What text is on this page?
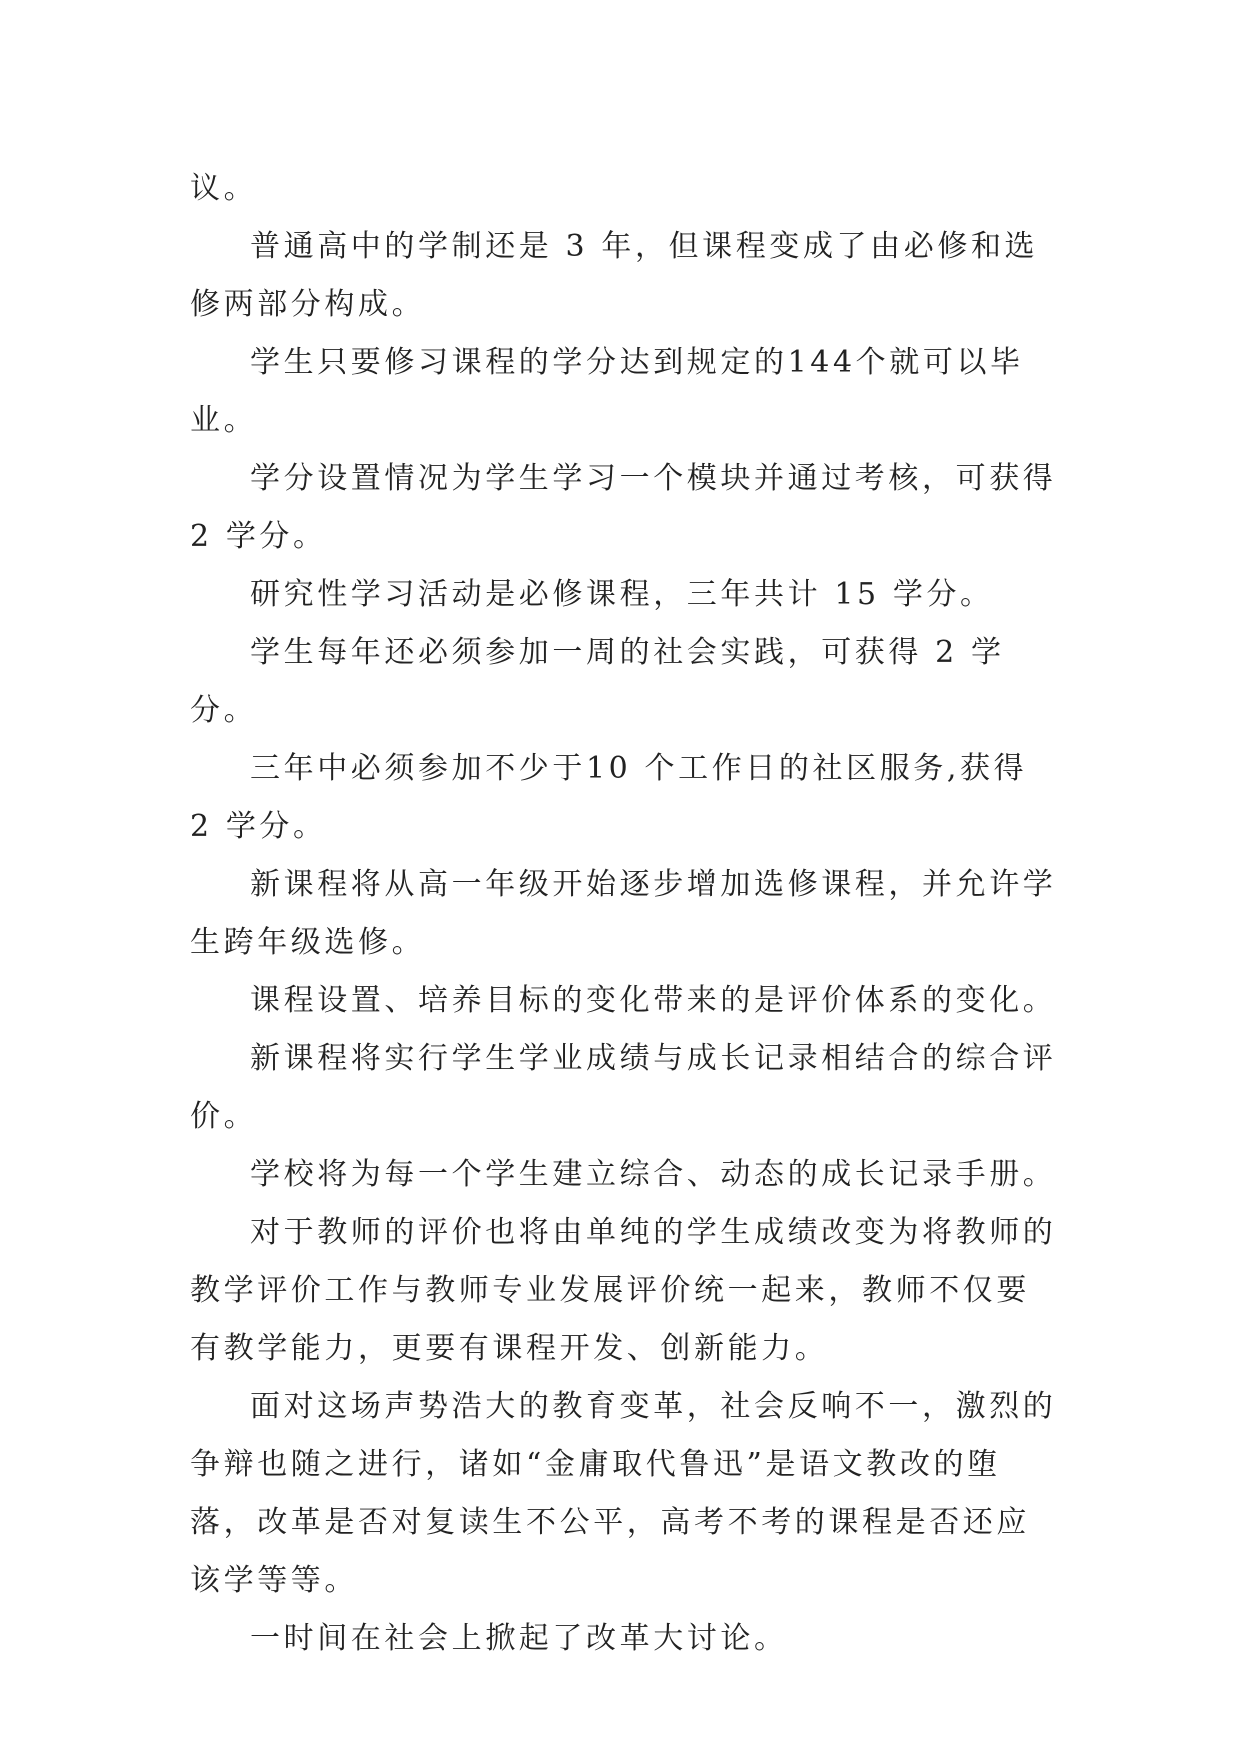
议。

普通高中的学制还是 3 年，但课程变成了由必修和选修两部分构成。

学生只要修习课程的学分达到规定的144个就可以毕业。

学分设置情况为学生学习一个模块并通过考核，可获得 2 学分。

研究性学习活动是必修课程，三年共计 15 学分。

学生每年还必须参加一周的社会实践，可获得 2 学分。

三年中必须参加不少于10 个工作日的社区服务,获得 2 学分。

新课程将从高一年级开始逐步增加选修课程，并允许学生跨年级选修。

课程设置、培养目标的变化带来的是评价体系的变化。

新课程将实行学生学业成绩与成长记录相结合的综合评价。

学校将为每一个学生建立综合、动态的成长记录手册。

对于教师的评价也将由单纯的学生成绩改变为将教师的教学评价工作与教师专业发展评价统一起来，教师不仅要有教学能力，更要有课程开发、创新能力。

面对这场声势浩大的教育变革，社会反响不一，激烈的争辩也随之进行，诸如“金庸取代鲁迅”是语文教改的堕落，改革是否对复读生不公平，高考不考的课程是否还应该学等等。

一时间在社会上掀起了改革大讨论。
